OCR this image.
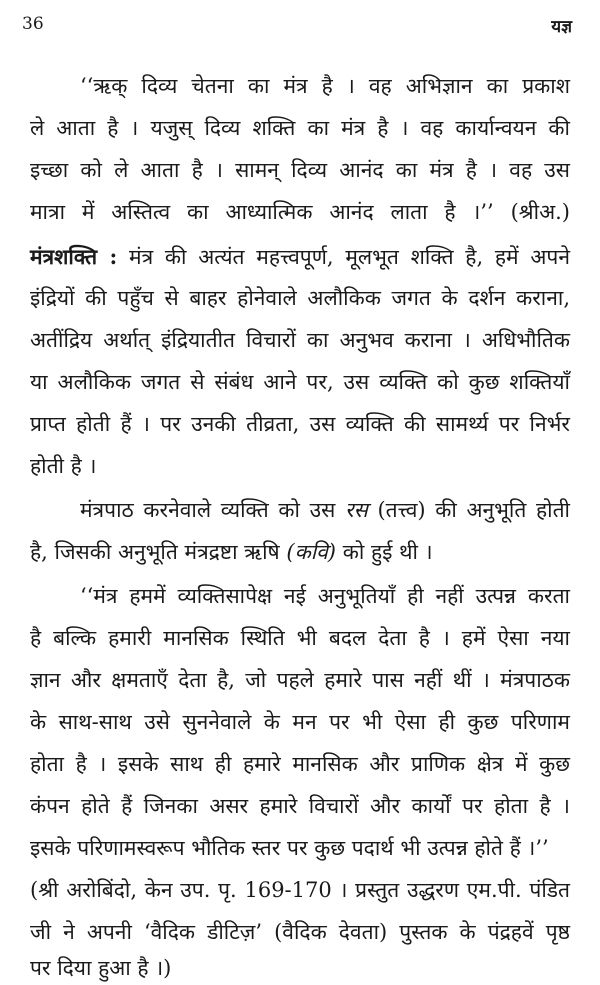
36	यज्ञ
‘‘ऋक् दिव्य चेतना का मंत्र है । वह अभिज्ञान का प्रकाश
ले आता है । यजुस् दिव्य शक्ति का मंत्र है । वह कार्यान्वयन की
इच्छा को ले आता है । सामन् दिव्य आनंद का मंत्र है । वह उस
मात्रा में अस्तित्व का आध्यात्मिक आनंद लाता है ।’’ (श्रीअ.)
मंत्रशक्ति : मंत्र की अत्यंत महत्त्वपूर्ण, मूलभूत शक्ति है, हमें अपने
इंद्रियों की पहुँच से बाहर होनेवाले अलौकिक जगत के दर्शन कराना,
अतींद्रिय अर्थात् इंद्रियातीत विचारों का अनुभव कराना । अधिभौतिक
या अलौकिक जगत से संबंध आने पर, उस व्यक्ति को कुछ शक्तियाँ
प्राप्त होती हैं । पर उनकी तीव्रता, उस व्यक्ति की सामर्थ्य पर निर्भर
होती है ।
मंत्रपाठ करनेवाले व्यक्ति को उस रस (तत्त्व) की अनुभूति होती
है, जिसकी अनुभूति मंत्रद्रष्टा ऋषि (कवि) को हुई थी ।
‘‘मंत्र हममें व्यक्तिसापेक्ष नई अनुभूतियाँ ही नहीं उत्पन्न करता
है बल्कि हमारी मानसिक स्थिति भी बदल देता है । हमें ऐसा नया
ज्ञान और क्षमताएँ देता है, जो पहले हमारे पास नहीं थीं । मंत्रपाठक
के साथ-साथ उसे सुननेवाले के मन पर भी ऐसा ही कुछ परिणाम
होता है । इसके साथ ही हमारे मानसिक और प्राणिक क्षेत्र में कुछ
कंपन होते हैं जिनका असर हमारे विचारों और कार्यों पर होता है ।
इसके परिणामस्वरूप भौतिक स्तर पर कुछ पदार्थ भी उत्पन्न होते हैं ।’’
(श्री अरोबिंदो, केन उप. पृ. 169-170 । प्रस्तुत उद्धरण एम.पी. पंडित
जी ने अपनी ‘वैदिक डीटिज़’ (वैदिक देवता) पुस्तक के पंद्रहवें पृष्ठ
पर दिया हुआ है ।)
